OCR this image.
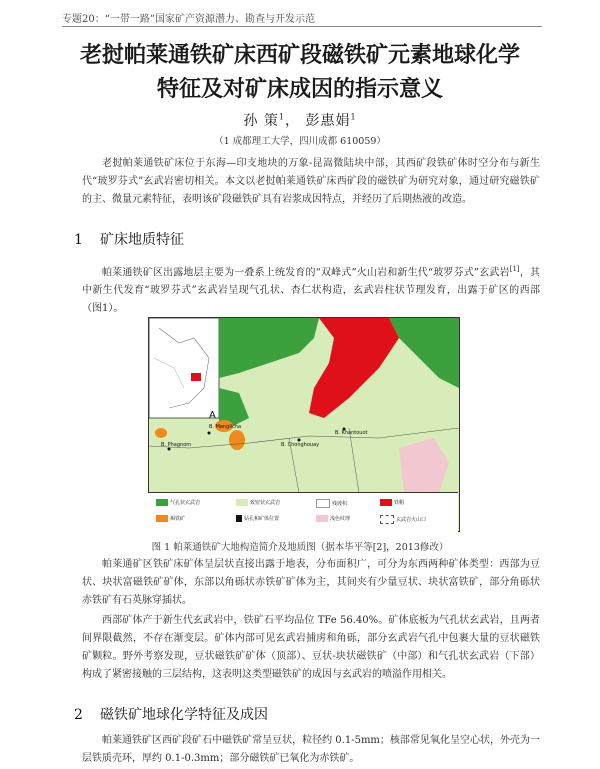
专题20：“一带一路”国家矿产资源潜力、勘查与开发示范
老挝帕莱通铁矿床西矿段磁铁矿元素地球化学
特征及对矿床成因的指示意义
孙 策$^1$， 彭惠娟$^1$
（1 成都理工大学，四川成都 610059）
老挝帕莱通铁矿床位于东海—印支地块的万象-昆嵩微陆块中部，其西矿段铁矿体时空分布与新生代“玻罗芬式”玄武岩密切相关。本文以老挝帕莱通铁矿床西矿段的磁铁矿为研究对象，通过研究磁铁矿的主、微量元素特征，表明该矿段磁铁矿具有岩浆成因特点，并经历了后期热液的改造。
1 矿床地质特征
帕莱通铁矿区出露地层主要为一叠系上统发育的“双峰式”火山岩和新生代“玻罗芬式”玄武岩[1]，其中新生代发育“玻罗芬式”玄武岩呈现气孔状、杏仁状构造，玄武岩柱状节理发育，出露于矿区的西部（图1）。
A
B. Manglicha
B. Phagnom	B. Chonghouay
B. Khantouot
气孔状玄武岩	致密状玄武岩	残坡积	铁帽
褐铁矿	钻孔和矿体位置	浅色纹理	玄武岩火山口
图 1 帕莱通铁矿大地构造简介及地质图（据本毕平等[2]，2013修改）
帕莱通矿区铁矿床矿体呈层状直接出露于地表，分布面积广，可分为东西两种矿体类型：西部为豆状、块状富磁铁矿矿体，东部以角砾状赤铁矿矿体为主，其间夹有少量豆状、块状富铁矿，部分角砾状赤铁矿有石英脉穿插状。
西部矿体产于新生代玄武岩中，铁矿石平均品位 TFe 56.40%。矿体底板为气孔状玄武岩，且两者间界限截然，不存在渐变层。矿体内部可见玄武岩捕虏和角砾，部分玄武岩气孔中包裹大量的豆状磁铁矿颗粒。野外考察发现，豆状磁铁矿矿体（顶部）、豆状-块状磁铁矿（中部）和气孔状玄武岩（下部）构成了紧密接触的三层结构，这表明这类型磁铁矿的成因与玄武岩的喷溢作用相关。
2 磁铁矿地球化学特征及成因
帕莱通铁矿区西矿段矿石中磁铁矿常呈豆状，粒径约 0.1-5mm；核部常见氧化呈空心状，外壳为一层铁质壳环，厚约 0.1-0.3mm；部分磁铁矿已氧化为赤铁矿。
